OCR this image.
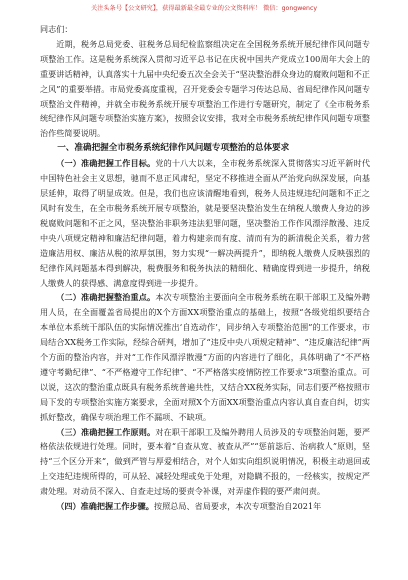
关注头条号【公文研究】，获得最新最全最专业的公文资料库！ 微信：gongwency

同志们：

近期，税务总局党委、驻税务总局纪检监察组决定在全国税务系统开展纪律作风问题专项整治工作。这是税务系统深入贯彻习近平总书记在庆祝中国共产党成立100周年大会上的重要讲话精神，认真落实十九届中央纪委五次全会关于“坚决整治群众身边的腐败问题和不正之风”的重要举措。市局党委高度重视，召开党委会专题学习传达总局、省局纪律作风问题专项整治文件精神，并就全市税务系统开展专项整治工作进行专题研究，制定了《全市税务系统纪律作风问题专项整治实施方案》，按照会议安排，我对全市税务系统纪律作风问题专项整治作些简要说明。

一、准确把握全市税务系统纪律作风问题专项整治的总体要求

（一）准确把握工作目标。党的十八大以来，全市税务系统深入贯彻落实习近平新时代中国特色社会主义思想，驰而不息正风肃纪，坚定不移推进全面从严治党向纵深发展，向基层延伸，取得了明显成效。但是，我们也应该清醒地看到，税务人员违规违纪问题和不正之风时有发生，在全市税务系统开展专项整治，就是要坚决整治发生在纳税人缴费人身边的涉税腐败问题和不正之风，坚决整治非职务违法犯罪问题，坚决整治工作作风漂浮散漫、违反中央八项规定精神和廉洁纪律问题，着力构建亲而有度、清而有为的新清税企关系，着力营造廉洁用权、廉洁从税的浓厚氛围，努力实现“一解决两提升”，即纳税人缴费人反映强烈的纪律作风问题基本得到解决，税费服务和税务执法的精细化、精确度得到进一步提升，纳税人缴费人的获得感、满意度得到进一步提升。

（二）准确把握整治重点。本次专项整治主要面向全市税务系统在职干部职工及编外聘用人员，在全面覆盖省局提出的X个方面XX项整治重点的基础上，按照“各级党组织要结合本单位本系统干部队伍的实际情况推出‘自选动作’，同步纳入专项整治范围”的工作要求，市局结合XX税务工作实际，经综合研判，增加了“违反中央八项规定精神”、“违反廉洁纪律”两个方面的整治内容，并对“工作作风漂浮散漫”方面的内容进行了细化，具体明确了“不严格遵守考勤纪律”、“不严格遵守工作纪律”、“不严格落实疫情防控工作要求”3项整治重点。可以说，这次的整治重点既具有税务系统普遍共性，又结合XX税务实际，同志们要严格按照市局下发的专项整治实施方案要求，全面对照X个方面XX项整治重点内容认真自查自纠，切实抓好整改，确保专项治理工作不漏项、不缺项。

（三）准确把握工作原则。对在职干部职工及编外聘用人员涉及的专项整治问题，要严格依法依规进行处理。同时，要本着“自查从宽、被查从严”“惩前毖后、治病救人”原则，坚持“三个区分开来”，做到严管与厚爱相结合，对个人如实向组织说明情况，积极主动退回或上交违纪违规所得的，可从轻、减轻处理或免于处理，对隐瞒不报的，一经核实，按规定严肃处理。对动员不深入、自查走过场的要责令补课，对弄虚作假的要严肃问责。

（四）准确把握工作步骤。按照总局、省局要求，本次专项整治自2021年
